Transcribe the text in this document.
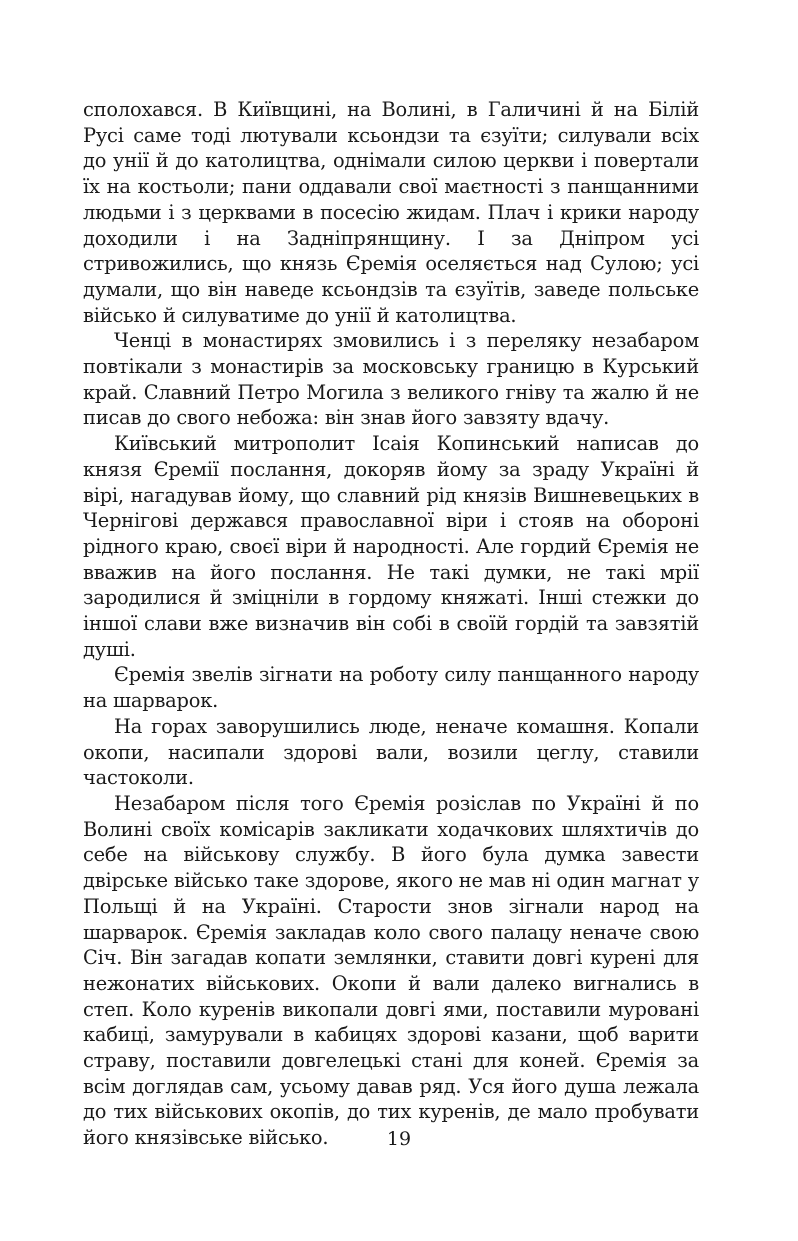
сполохався. В Київщині, на Волині, в Галичині й на Білій Русі саме тоді лютували ксьондзи та єзуїти; силували всіх до унії й до католицтва, однімали силою церкви і повертали їх на костьоли; пани оддавали свої маєтності з панщанними людьми і з церквами в посесію жидам. Плач і крики народу доходили і на Задніпрянщину. І за Дніпром усі стривожились, що князь Єремія оселяється над Сулою; усі думали, що він наведе ксьондзів та єзуїтів, заведе польське військо й силуватиме до унії й католицтва.

Ченці в монастирях змовились і з переляку незабаром повтікали з монастирів за московську границю в Курський край. Славний Петро Могила з великого гніву та жалю й не писав до свого небожа: він знав його завзяту вдачу.

Київський митрополит Ісаія Копинський написав до князя Єремії послання, докоряв йому за зраду Україні й вірі, нагадував йому, що славний рід князів Вишневецьких в Чернігові держався православної віри і стояв на обороні рідного краю, своєї віри й народності. Але гордий Єремія не вважив на його послання. Не такі думки, не такі мрії зародилися й зміцніли в гордому княжаті. Інші стежки до іншої слави вже визначив він собі в своїй гордій та завзятій душі.

Єремія звелів зігнати на роботу силу панщанного народу на шарварок.

На горах заворушились люде, неначе комашня. Копали окопи, насипали здорові вали, возили цеглу, ставили частоколи.

Незабаром після того Єремія розіслав по Україні й по Волині своїх комісарів закликати ходачкових шляхтичів до себе на військову службу. В його була думка завести двірське військо таке здорове, якого не мав ні один магнат у Польщі й на Україні. Старости знов зігнали народ на шарварок. Єремія закладав коло свого палацу неначе свою Січ. Він загадав копати землянки, ставити довгі курені для нежонатих військових. Окопи й вали далеко вигнались в степ. Коло куренів викопали довгі ями, поставили муровані кабиці, замурували в кабицях здорові казани, щоб варити страву, поставили довгелецькі стані для коней. Єремія за всім доглядав сам, усьому давав ряд. Уся його душа лежала до тих військових окопів, до тих куренів, де мало пробувати його князівське військо.	19
